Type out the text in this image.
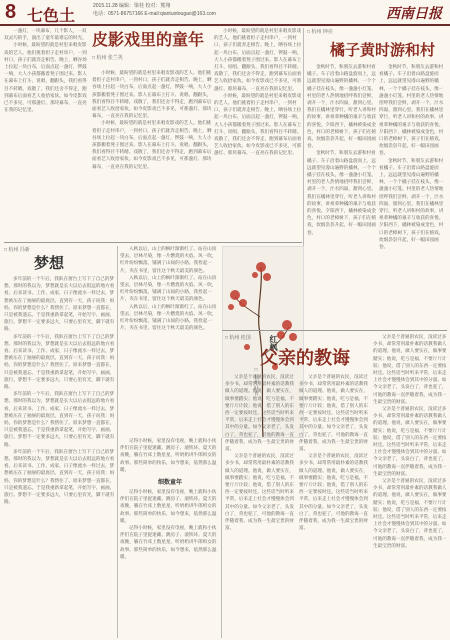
8 七色土
2015.11.28 编辑：梁桂 校对：熊翔
电话：0571-86757166 E-mail:qiantuotougao@163.com	西南日报
一盏灯，一块幕布，几个影人，一双双灵巧的手，演出了童年最难忘的时光。
小时候，最盼望的就是村里来唱皮影戏的艺人。他们挑着担子走村串户，一到村口，孩子们就奔走相告。晚上，晒谷场上拉起一块白布，后面点起一盏灯，锣鼓一响，大人小孩都搬着凳子围过来。影人在幕布上打斗、说唱、翻跟头，我们看得目不转睛。戏散了，我们还舍不得走，跑到幕布后面看艺人收拾家伙。如今皮影戏已不多见，可那盏灯、那块幕布，一直亮在我的记忆里。
皮影戏里的童年
□ 杭州 张兰英
小时候，最盼望的就是村里来唱皮影戏的艺人。他们挑着担子走村串户，一到村口，孩子们就奔走相告。晚上，晒谷场上拉起一块白布，后面点起一盏灯，锣鼓一响，大人小孩都搬着凳子围过来。影人在幕布上打斗、说唱、翻跟头，我们看得目不转睛。戏散了，我们还舍不得走，跑到幕布后面看艺人收拾家伙。如今皮影戏已不多见，可那盏灯、那块幕布，一直亮在我的记忆里。
小时候，最盼望的就是村里来唱皮影戏的艺人。他们挑着担子走村串户，一到村口，孩子们就奔走相告。晚上，晒谷场上拉起一块白布，后面点起一盏灯，锣鼓一响，大人小孩都搬着凳子围过来。影人在幕布上打斗、说唱、翻跟头，我们看得目不转睛。戏散了，我们还舍不得走，跑到幕布后面看艺人收拾家伙。如今皮影戏已不多见，可那盏灯、那块幕布，一直亮在我的记忆里。
小时候，最盼望的就是村里来唱皮影戏的艺人。他们挑着担子走村串户，一到村口，孩子们就奔走相告。晚上，晒谷场上拉起一块白布，后面点起一盏灯，锣鼓一响，大人小孩都搬着凳子围过来。影人在幕布上打斗、说唱、翻跟头，我们看得目不转睛。戏散了，我们还舍不得走，跑到幕布后面看艺人收拾家伙。如今皮影戏已不多见，可那盏灯、那块幕布，一直亮在我的记忆里。
小时候，最盼望的就是村里来唱皮影戏的艺人。他们挑着担子走村串户，一到村口，孩子们就奔走相告。晚上，晒谷场上拉起一块白布，后面点起一盏灯，锣鼓一响，大人小孩都搬着凳子围过来。影人在幕布上打斗、说唱、翻跟头，我们看得目不转睛。戏散了，我们还舍不得走，跑到幕布后面看艺人收拾家伙。如今皮影戏已不多见，可那盏灯、那块幕布，一直亮在我的记忆里。
□ 杭州 钟亮
橘子黄时游和村
金秋时节，和朋友去游和村看橘子。车子沿着山路盘旋而上，远远就望见漫山遍野的橘林，一个个橘子挂在枝头，像一盏盏小灯笼。村里的老人热情地招呼我们尝鲜，剥开一个，汁水四溢，甜到心里。我们在橘林里穿行，听老人讲和村的故事，讲祖辈种橘的艰辛与收获的喜悦。夕阳西下，橘林被染成金色，村口的老樟树下，孩子们在嬉戏，炊烟袅袅升起，好一幅田园画卷。
金秋时节，和朋友去游和村看橘子。车子沿着山路盘旋而上，远远就望见漫山遍野的橘林，一个个橘子挂在枝头，像一盏盏小灯笼。村里的老人热情地招呼我们尝鲜，剥开一个，汁水四溢，甜到心里。我们在橘林里穿行，听老人讲和村的故事，讲祖辈种橘的艰辛与收获的喜悦。夕阳西下，橘林被染成金色，村口的老樟树下，孩子们在嬉戏，炊烟袅袅升起，好一幅田园画卷。
金秋时节，和朋友去游和村看橘子。车子沿着山路盘旋而上，远远就望见漫山遍野的橘林，一个个橘子挂在枝头，像一盏盏小灯笼。村里的老人热情地招呼我们尝鲜，剥开一个，汁水四溢，甜到心里。我们在橘林里穿行，听老人讲和村的故事，讲祖辈种橘的艰辛与收获的喜悦。夕阳西下，橘林被染成金色，村口的老樟树下，孩子们在嬉戏，炊烟袅袅升起，好一幅田园画卷。
金秋时节，和朋友去游和村看橘子。车子沿着山路盘旋而上，远远就望见漫山遍野的橘林，一个个橘子挂在枝头，像一盏盏小灯笼。村里的老人热情地招呼我们尝鲜，剥开一个，汁水四溢，甜到心里。我们在橘林里穿行，听老人讲和村的故事，讲祖辈种橘的艰辛与收获的喜悦。夕阳西下，橘林被染成金色，村口的老樟树下，孩子们在嬉戏，炊烟袅袅升起，好一幅田园画卷。
□ 杭州 冯新
梦想
多年前的一个午后，我趴在窗台上写下了自己的梦想。那时的我以为，梦想就是长大以后去很远的地方看看。后来读书、工作、成家，日子像流水一样过去，梦想被压在了抽屉的最底层。直到有一天，孩子问我：妈妈，你的梦想是什么？我愣住了。原来梦想一直都在，只是被我遗忘。于是我重新拿起笔，开始写字、画画、旅行。梦想不一定要多远大，只要心里有光，脚下就有路。
多年前的一个午后，我趴在窗台上写下了自己的梦想。那时的我以为，梦想就是长大以后去很远的地方看看。后来读书、工作、成家，日子像流水一样过去，梦想被压在了抽屉的最底层。直到有一天，孩子问我：妈妈，你的梦想是什么？我愣住了。原来梦想一直都在，只是被我遗忘。于是我重新拿起笔，开始写字、画画、旅行。梦想不一定要多远大，只要心里有光，脚下就有路。
多年前的一个午后，我趴在窗台上写下了自己的梦想。那时的我以为，梦想就是长大以后去很远的地方看看。后来读书、工作、成家，日子像流水一样过去，梦想被压在了抽屉的最底层。直到有一天，孩子问我：妈妈，你的梦想是什么？我愣住了。原来梦想一直都在，只是被我遗忘。于是我重新拿起笔，开始写字、画画、旅行。梦想不一定要多远大，只要心里有光，脚下就有路。
多年前的一个午后，我趴在窗台上写下了自己的梦想。那时的我以为，梦想就是长大以后去很远的地方看看。后来读书、工作、成家，日子像流水一样过去，梦想被压在了抽屉的最底层。直到有一天，孩子问我：妈妈，你的梦想是什么？我愣住了。原来梦想一直都在，只是被我遗忘。于是我重新拿起笔，开始写字、画画、旅行。梦想不一定要多远大，只要心里有光，脚下就有路。
入秋以后，山上的枫叶渐渐红了。站在山顶望去，层林尽染，像一片燃烧的火焰。风一吹，红叶纷纷飘落，铺满了山间的小路。我捡起一片，夹在书里，留住这个秋天最美的颜色。
入秋以后，山上的枫叶渐渐红了。站在山顶望去，层林尽染，像一片燃烧的火焰。风一吹，红叶纷纷飘落，铺满了山间的小路。我捡起一片，夹在书里，留住这个秋天最美的颜色。
入秋以后，山上的枫叶渐渐红了。站在山顶望去，层林尽染，像一片燃烧的火焰。风一吹，红叶纷纷飘落，铺满了山间的小路。我捡起一片，夹在书里，留住这个秋天最美的颜色。
红枫
□ 杭州 叶青
记得小时候，家里没有电视，晚上就和小伙伴们在院子里捉迷藏、跳房子、滚铁环。夏天的夜晚，躺在竹床上数星星，听奶奶讲牛郎织女的故事。那些简单的快乐，如今想来，依然那么温暖。
细数童年
记得小时候，家里没有电视，晚上就和小伙伴们在院子里捉迷藏、跳房子、滚铁环。夏天的夜晚，躺在竹床上数星星，听奶奶讲牛郎织女的故事。那些简单的快乐，如今想来，依然那么温暖。
记得小时候，家里没有电视，晚上就和小伙伴们在院子里捉迷藏、跳房子、滚铁环。夏天的夜晚，躺在竹床上数星星，听奶奶讲牛郎织女的故事。那些简单的快乐，如今想来，依然那么温暖。
□ 杭州 桂国
父亲的教诲
父亲是个普通的农民，没读过多少书，却常常用最朴素的话教我做人的道理。他说，做人要实在，做事要踏实；他说，吃亏是福，不要斤斤计较；他说，借了别人的东西一定要按时还。这些话当时听来平常，后来走上社会才慢慢体会到其中的分量。如今父亲老了，头发白了，背也驼了，可他的教诲一直伴随着我，成为我一生最宝贵的财富。
父亲是个普通的农民，没读过多少书，却常常用最朴素的话教我做人的道理。他说，做人要实在，做事要踏实；他说，吃亏是福，不要斤斤计较；他说，借了别人的东西一定要按时还。这些话当时听来平常，后来走上社会才慢慢体会到其中的分量。如今父亲老了，头发白了，背也驼了，可他的教诲一直伴随着我，成为我一生最宝贵的财富。
父亲是个普通的农民，没读过多少书，却常常用最朴素的话教我做人的道理。他说，做人要实在，做事要踏实；他说，吃亏是福，不要斤斤计较；他说，借了别人的东西一定要按时还。这些话当时听来平常，后来走上社会才慢慢体会到其中的分量。如今父亲老了，头发白了，背也驼了，可他的教诲一直伴随着我，成为我一生最宝贵的财富。
父亲是个普通的农民，没读过多少书，却常常用最朴素的话教我做人的道理。他说，做人要实在，做事要踏实；他说，吃亏是福，不要斤斤计较；他说，借了别人的东西一定要按时还。这些话当时听来平常，后来走上社会才慢慢体会到其中的分量。如今父亲老了，头发白了，背也驼了，可他的教诲一直伴随着我，成为我一生最宝贵的财富。
父亲是个普通的农民，没读过多少书，却常常用最朴素的话教我做人的道理。他说，做人要实在，做事要踏实；他说，吃亏是福，不要斤斤计较；他说，借了别人的东西一定要按时还。这些话当时听来平常，后来走上社会才慢慢体会到其中的分量。如今父亲老了，头发白了，背也驼了，可他的教诲一直伴随着我，成为我一生最宝贵的财富。
父亲是个普通的农民，没读过多少书，却常常用最朴素的话教我做人的道理。他说，做人要实在，做事要踏实；他说，吃亏是福，不要斤斤计较；他说，借了别人的东西一定要按时还。这些话当时听来平常，后来走上社会才慢慢体会到其中的分量。如今父亲老了，头发白了，背也驼了，可他的教诲一直伴随着我，成为我一生最宝贵的财富。
父亲是个普通的农民，没读过多少书，却常常用最朴素的话教我做人的道理。他说，做人要实在，做事要踏实；他说，吃亏是福，不要斤斤计较；他说，借了别人的东西一定要按时还。这些话当时听来平常，后来走上社会才慢慢体会到其中的分量。如今父亲老了，头发白了，背也驼了，可他的教诲一直伴随着我，成为我一生最宝贵的财富。
